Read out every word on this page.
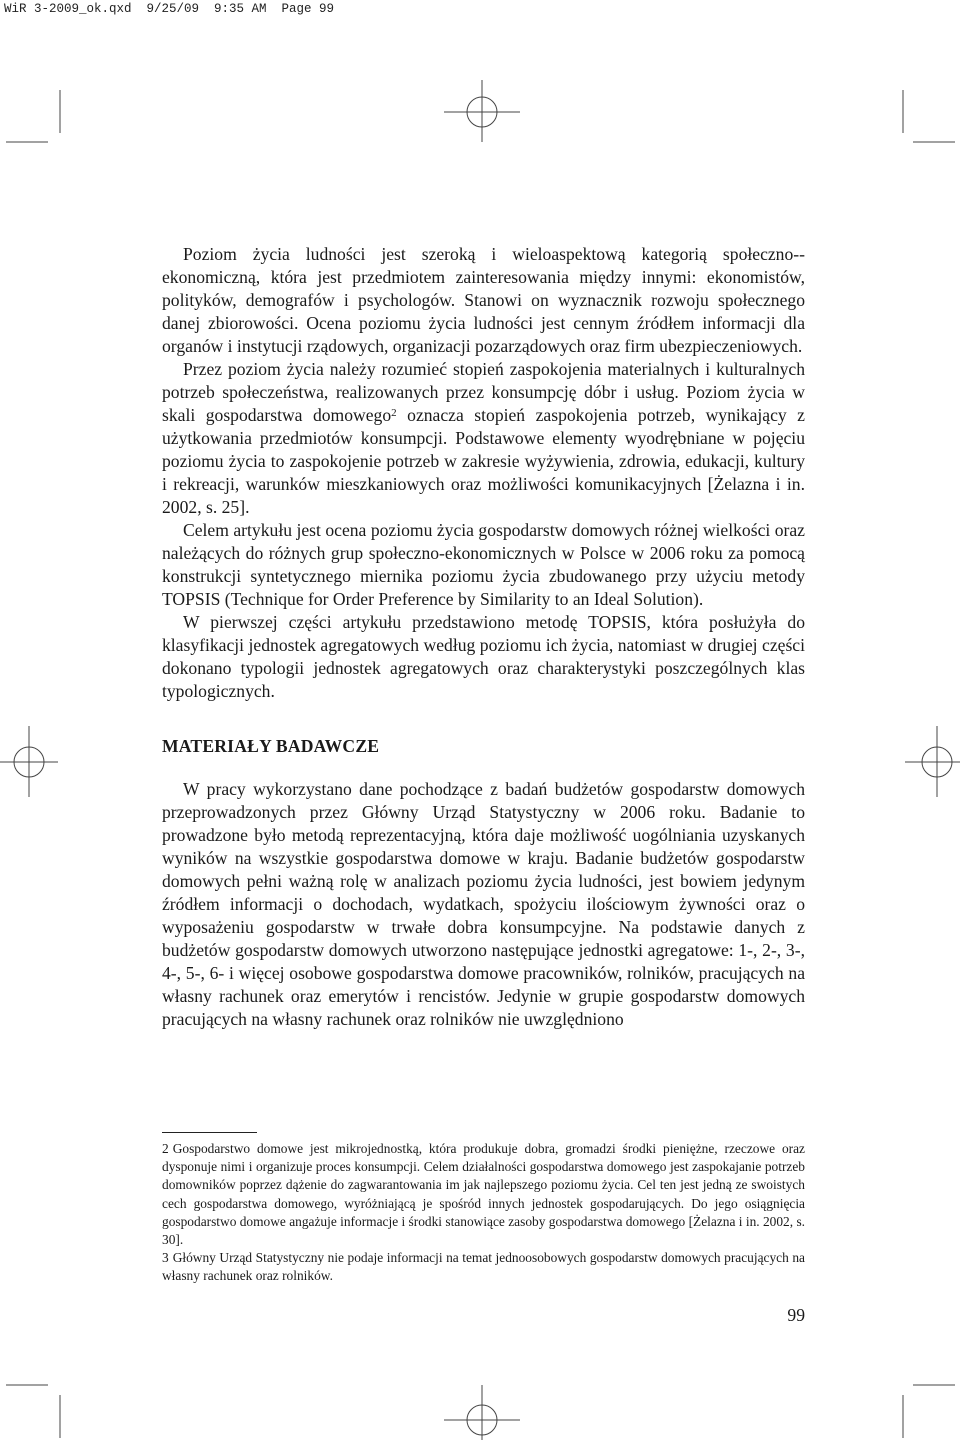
WiR 3-2009_ok.qxd  9/25/09  9:35 AM  Page 99

Poziom życia ludności jest szeroką i wieloaspektową kategorią społeczno--ekonomiczną, która jest przedmiotem zainteresowania między innymi: ekonomistów, polityków, demografów i psychologów. Stanowi on wyznacznik rozwoju społecznego danej zbiorowości. Ocena poziomu życia ludności jest cennym źródłem informacji dla organów i instytucji rządowych, organizacji pozarządowych oraz firm ubezpieczeniowych.

Przez poziom życia należy rozumieć stopień zaspokojenia materialnych i kulturalnych potrzeb społeczeństwa, realizowanych przez konsumpcję dóbr i usług. Poziom życia w skali gospodarstwa domowego$^2$ oznacza stopień zaspokojenia potrzeb, wynikający z użytkowania przedmiotów konsumpcji. Podstawowe elementy wyodrębniane w pojęciu poziomu życia to zaspokojenie potrzeb w zakresie wyżywienia, zdrowia, edukacji, kultury i rekreacji, warunków mieszkaniowych oraz możliwości komunikacyjnych [Żelazna i in. 2002, s. 25].

Celem artykułu jest ocena poziomu życia gospodarstw domowych różnej wielkości oraz należących do różnych grup społeczno-ekonomicznych w Polsce w 2006 roku za pomocą konstrukcji syntetycznego miernika poziomu życia zbudowanego przy użyciu metody TOPSIS (Technique for Order Preference by Similarity to an Ideal Solution).

W pierwszej części artykułu przedstawiono metodę TOPSIS, która posłużyła do klasyfikacji jednostek agregatowych według poziomu ich życia, natomiast w drugiej części dokonano typologii jednostek agregatowych oraz charakterystyki poszczególnych klas typologicznych.

MATERIAŁY BADAWCZE

W pracy wykorzystano dane pochodzące z badań budżetów gospodarstw domowych przeprowadzonych przez Główny Urząd Statystyczny w 2006 roku. Badanie to prowadzone było metodą reprezentacyjną, która daje możliwość uogólniania uzyskanych wyników na wszystkie gospodarstwa domowe w kraju. Badanie budżetów gospodarstw domowych pełni ważną rolę w analizach poziomu życia ludności, jest bowiem jedynym źródłem informacji o dochodach, wydatkach, spożyciu ilościowym żywności oraz o wyposażeniu gospodarstw w trwałe dobra konsumpcyjne. Na podstawie danych z budżetów gospodarstw domowych utworzono następujące jednostki agregatowe: 1-, 2-, 3-, 4-, 5-, 6- i więcej osobowe gospodarstwa domowe pracowników, rolników, pracujących na własny rachunek oraz emerytów i rencistów. Jedynie w grupie gospodarstw domowych pracujących na własny rachunek oraz rolników nie uwzględniono

2 Gospodarstwo domowe jest mikrojednostką, która produkuje dobra, gromadzi środki pieniężne, rzeczowe oraz dysponuje nimi i organizuje proces konsumpcji. Celem działalności gospodarstwa domowego jest zaspokajanie potrzeb domowników poprzez dążenie do zagwarantowania im jak najlepszego poziomu życia. Cel ten jest jedną ze swoistych cech gospodarstwa domowego, wyróżniającą je spośród innych jednostek gospodarujących. Do jego osiągnięcia gospodarstwo domowe angażuje informacje i środki stanowiące zasoby gospodarstwa domowego [Żelazna i in. 2002, s. 30].

3 Główny Urząd Statystyczny nie podaje informacji na temat jednoosobowych gospodarstw domowych pracujących na własny rachunek oraz rolników.

99
